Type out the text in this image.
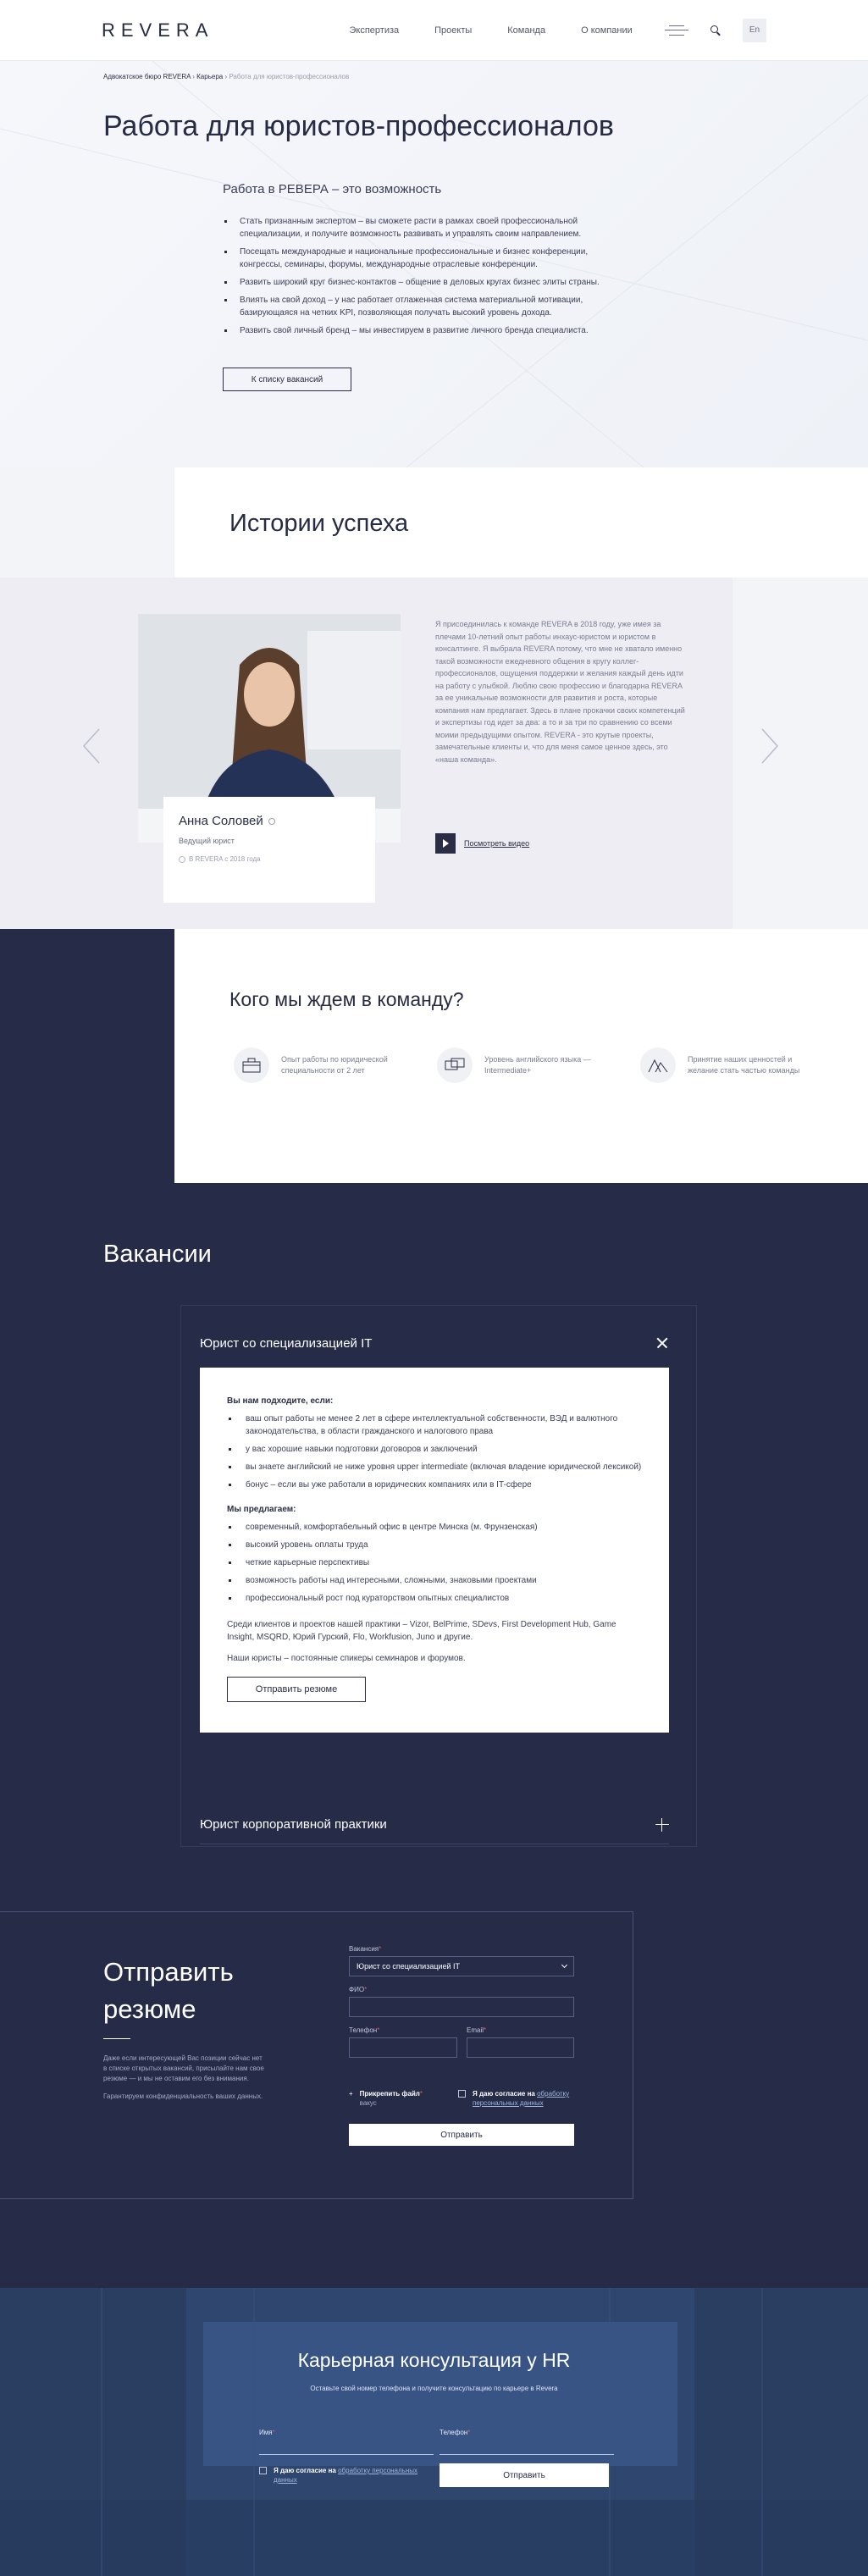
REVERA	Экспертиза	Проекты	Команда	О компании	En
Адвокатское бюро REVERA › Карьера › Работа для юристов-профессионалов
Работа для юристов-профессионалов
Работа в РЕВЕРА – это возможность
Стать признанным экспертом – вы сможете расти в рамках своей профессиональной специализации, и получите возможность развивать и управлять своим направлением.
Посещать международные и национальные профессиональные и бизнес конференции, конгрессы, семинары, форумы, международные отраслевые конференции.
Развить широкий круг бизнес-контактов – общение в деловых кругах бизнес элиты страны.
Влиять на свой доход – у нас работает отлаженная система материальной мотивации, базирующаяся на четких KPI, позволяющая получать высокий уровень дохода.
Развить свой личный бренд – мы инвестируем в развитие личного бренда специалиста.
К списку вакансий
Истории успеха
Анна Соловей
Ведущий юрист
В REVERA с 2018 года

Я присоединилась к команде REVERA в 2018 году, уже имея за плечами 10-летний опыт работы инхаус-юристом и юристом в консалтинге. Я выбрала REVERA потому, что мне не хватало именно такой возможности ежедневного общения в кругу коллег-профессионалов, ощущения поддержки и желания каждый день идти на работу с улыбкой. Люблю свою профессию и благодарна REVERA за ее уникальные возможности для развития и роста, которые компания нам предлагает. Здесь в плане прокачки своих компетенций и экспертизы год идет за два: а то и за три по сравнению со всеми моими предыдущими опытом. REVERA - это крутые проекты, замечательные клиенты и, что для меня самое ценное здесь, это «наша команда».

Посмотреть видео
Кого мы ждем в команду?
Опыт работы по юридической специальности от 2 лет
Уровень английского языка — Intermediate+
Принятие наших ценностей и желание стать частью команды
Вакансии
Юрист со специализацией IT
Вы нам подходите, если:
ваш опыт работы не менее 2 лет в сфере интеллектуальной собственности, ВЭД и валютного законодательства, в области гражданского и налогового права
у вас хорошие навыки подготовки договоров и заключений
вы знаете английский не ниже уровня upper intermediate (включая владение юридической лексикой)
бонус – если вы уже работали в юридических компаниях или в IT-сфере
Мы предлагаем:
современный, комфортабельный офис в центре Минска (м. Фрунзенская)
высокий уровень оплаты труда
четкие карьерные перспективы
возможность работы над интересными, сложными, знаковыми проектами
профессиональный рост под кураторством опытных специалистов

Среди клиентов и проектов нашей практики – Vizor, BelPrime, SDevs, First Development Hub, Game Insight, MSQRD, Юрий Гурский, Flo, Workfusion, Juno и другие.

Наши юристы – постоянные спикеры семинаров и форумов.

Отправить резюме
Юрист корпоративной практики
Отправить резюме

Даже если интересующей Вас позиции сейчас нет в списке открытых вакансий, присылайте нам свое резюме — и мы не оставим его без внимания.

Гарантируем конфиденциальность ваших данных.

Вакансия*
Юрист со специализацией IT
ФИО*
Телефон*	Email*
+ Прикрепить файл*
вакус
Я даю согласие на обработку персональных данных
Отправить
Карьерная консультация у HR

Оставьте свой номер телефона и получите консультацию по карьере в Revera

Имя*	Телефон*
Я даю согласие на обработку персональных данных	Отправить
